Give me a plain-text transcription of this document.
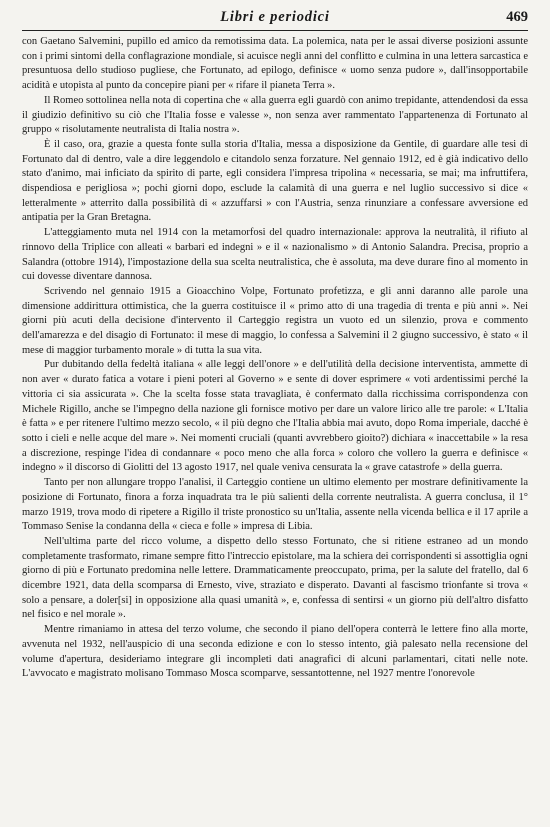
Libri e periodici	469

con Gaetano Salvemini, pupillo ed amico da remotissima data. La polemica, nata per le assai diverse posizioni assunte con i primi sintomi della conflagrazione mondiale, si acuisce negli anni del conflitto e culmina in una lettera sarcastica e presuntuosa dello studioso pugliese, che Fortunato, ad epilogo, definisce « uomo senza pudore », dall'insopportabile acidità e utopista al punto da concepire piani per « rifare il pianeta Terra ».

Il Romeo sottolinea nella nota di copertina che « alla guerra egli guardò con animo trepidante, attendendosi da essa il giudizio definitivo su ciò che l'Italia fosse e valesse », non senza aver rammentato l'appartenenza di Fortunato al gruppo « risolutamente neutralista di Italia nostra ».

È il caso, ora, grazie a questa fonte sulla storia d'Italia, messa a disposizione da Gentile, di guardare alle tesi di Fortunato dal di dentro, vale a dire leggendolo e citandolo senza forzature. Nel gennaio 1912, ed è già indicativo dello stato d'animo, mai inficiato da spirito di parte, egli considera l'impresa tripolina « necessaria, se mai; ma infruttifera, dispendiosa e perigliosa »; pochi giorni dopo, esclude la calamità di una guerra e nel luglio successivo si dice « letteralmente » atterrito dalla possibilità di « azzuffarsi » con l'Austria, senza rinunziare a confessare avversione ed antipatia per la Gran Bretagna.

L'atteggiamento muta nel 1914 con la metamorfosi del quadro internazionale: approva la neutralità, il rifiuto al rinnovo della Triplice con alleati « barbari ed indegni » e il « nazionalismo » di Antonio Salandra. Precisa, proprio a Salandra (ottobre 1914), l'impostazione della sua scelta neutralistica, che è assoluta, ma deve durare fino al momento in cui dovesse diventare dannosa.

Scrivendo nel gennaio 1915 a Gioacchino Volpe, Fortunato profetizza, e gli anni daranno alle parole una dimensione addirittura ottimistica, che la guerra costituisce il « primo atto di una tragedia di trenta e più anni ». Nei giorni più acuti della decisione d'intervento il Carteggio registra un vuoto ed un silenzio, prova e commento dell'amarezza e del disagio di Fortunato: il mese di maggio, lo confessa a Salvemini il 2 giugno successivo, è stato « il mese di maggior turbamento morale » di tutta la sua vita.

Pur dubitando della fedeltà italiana « alle leggi dell'onore » e dell'utilità della decisione interventista, ammette di non aver « durato fatica a votare i pieni poteri al Governo » e sente di dover esprimere « voti ardentissimi perché la vittoria ci sia assicurata ». Che la scelta fosse stata travagliata, è confermato dalla ricchissima corrispondenza con Michele Rigillo, anche se l'impegno della nazione gli fornisce motivo per dare un valore lirico alle tre parole: « L'Italia è fatta » e per ritenere l'ultimo mezzo secolo, « il più degno che l'Italia abbia mai avuto, dopo Roma imperiale, dacché è sotto i cieli e nelle acque del mare ». Nei momenti cruciali (quanti avvrebbero gioito?) dichiara « inaccettabile » la resa a discrezione, respinge l'idea di condannare « poco meno che alla forca » coloro che vollero la guerra e definisce « indegno » il discorso di Giolitti del 13 agosto 1917, nel quale veniva censurata la « grave catastrofe » della guerra.

Tanto per non allungare troppo l'analisi, il Carteggio contiene un ultimo elemento per mostrare definitivamente la posizione di Fortunato, finora a forza inquadrata tra le più salienti della corrente neutralista. A guerra conclusa, il 1° marzo 1919, trova modo di ripetere a Rigillo il triste pronostico su un'Italia, assente nella vicenda bellica e il 17 aprile a Tommaso Senise la condanna della « cieca e folle » impresa di Libia.

Nell'ultima parte del ricco volume, a dispetto dello stesso Fortunato, che si ritiene estraneo ad un mondo completamente trasformato, rimane sempre fitto l'intreccio epistolare, ma la schiera dei corrispondenti si assottiglia ogni giorno di più e Fortunato predomina nelle lettere. Drammaticamente preoccupato, prima, per la salute del fratello, dal 6 dicembre 1921, data della scomparsa di Ernesto, vive, straziato e disperato. Davanti al fascismo trionfante si trova « solo a pensare, a doler[si] in opposizione alla quasi umanità », e, confessa di sentirsi « un giorno più dell'altro disfatto nel fisico e nel morale ».

Mentre rimaniamo in attesa del terzo volume, che secondo il piano dell'opera conterrà le lettere fino alla morte, avvenuta nel 1932, nell'auspicio di una seconda edizione e con lo stesso intento, già palesato nella recensione del volume d'apertura, desideriamo integrare gli incompleti dati anagrafici di alcuni parlamentari, citati nelle note. L'avvocato e magistrato molisano Tommaso Mosca scomparve, sessantottenne, nel 1927 mentre l'onorevole
